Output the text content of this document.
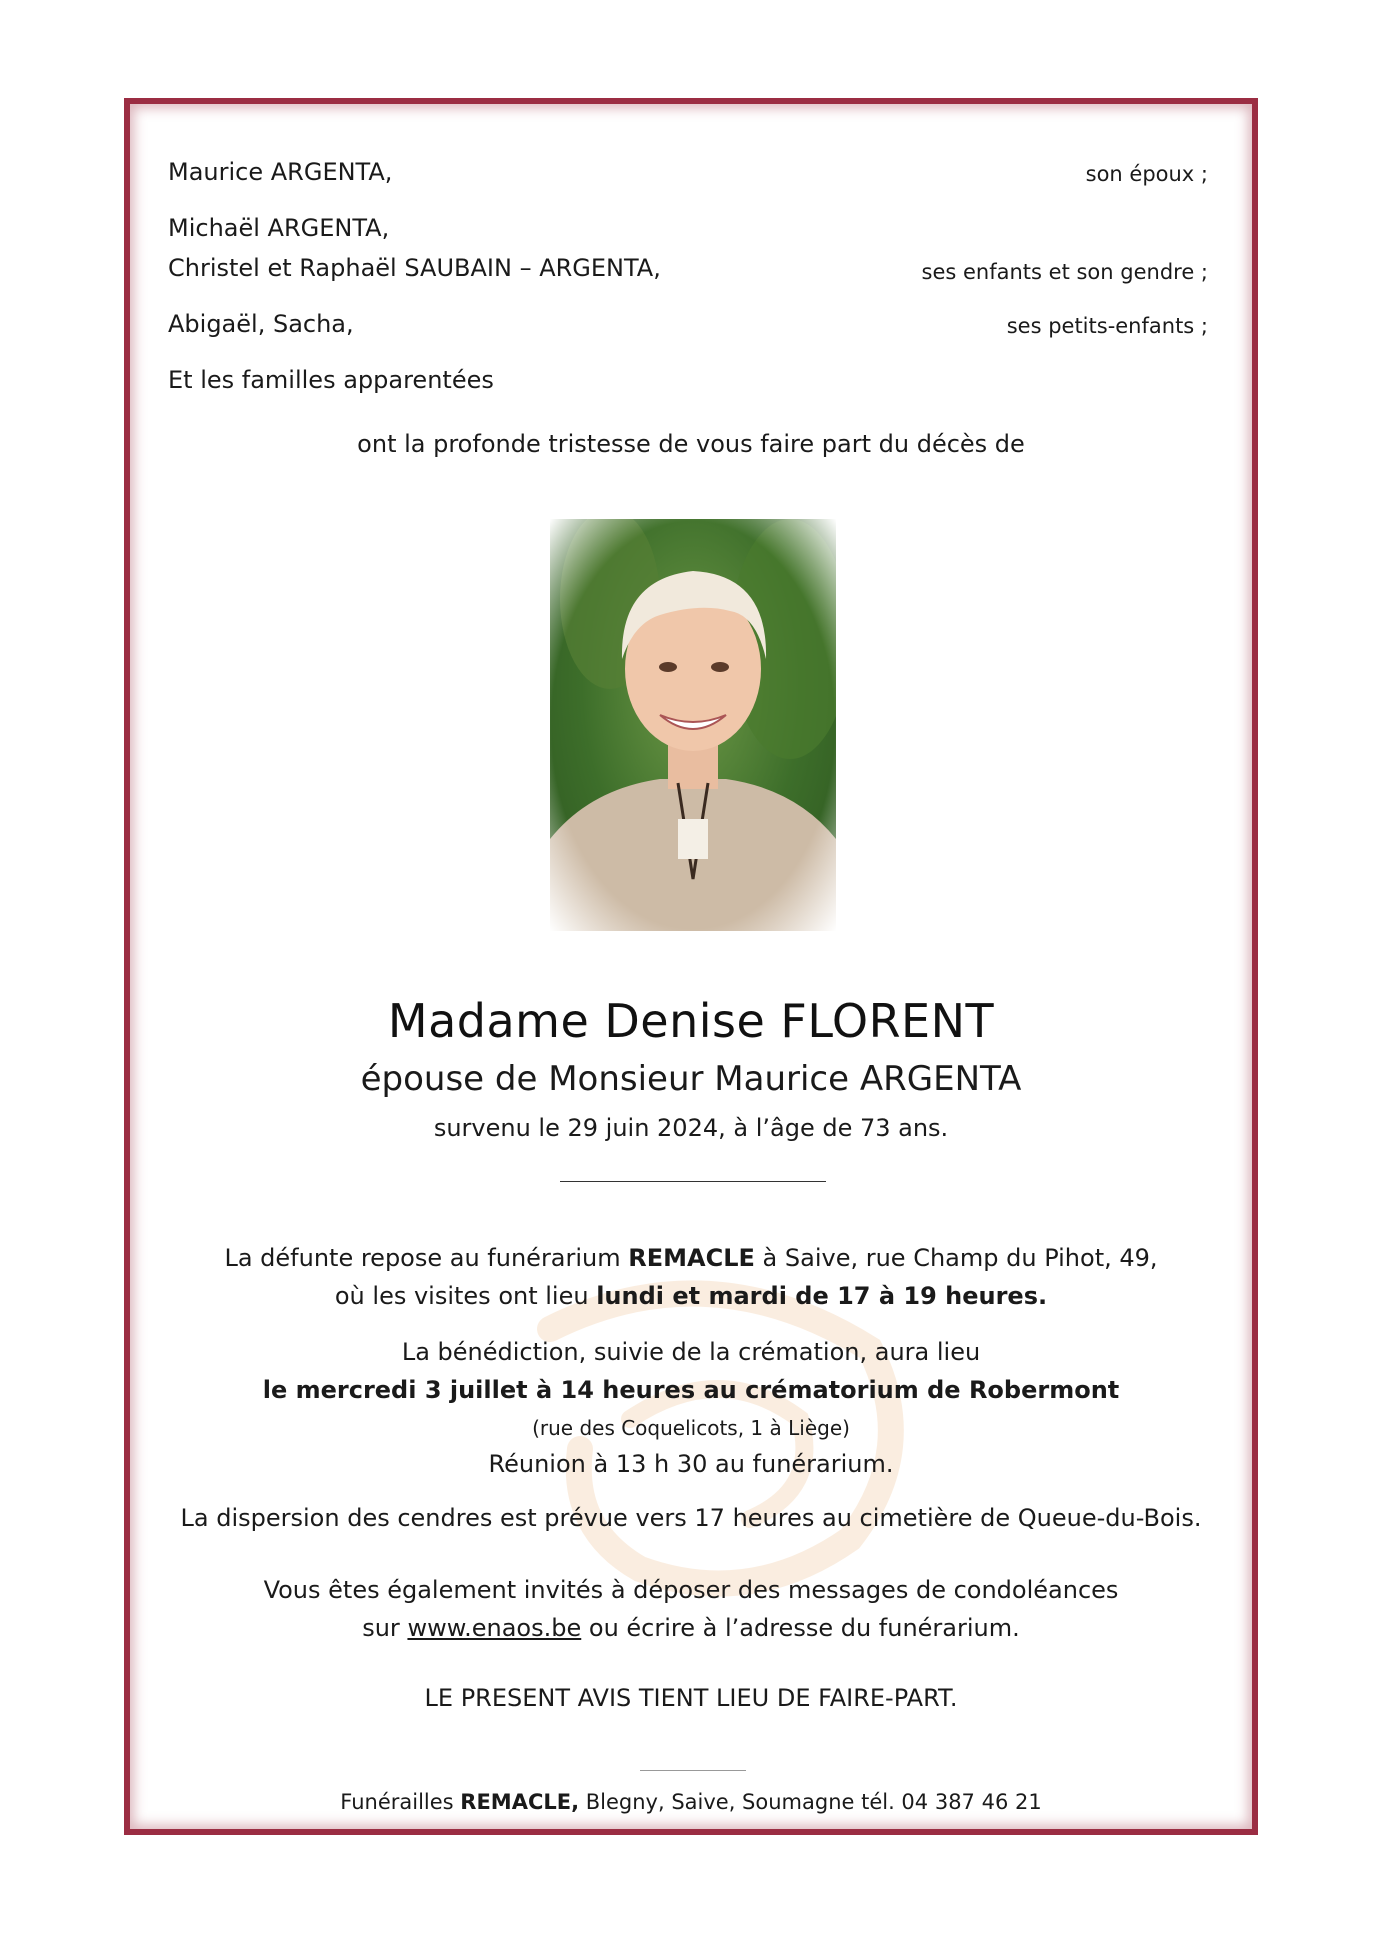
Maurice ARGENTA,	son époux ;
Michaël ARGENTA,
Christel et Raphaël SAUBAIN – ARGENTA,	ses enfants et son gendre ;
Abigaël, Sacha,	ses petits-enfants ;
Et les familles apparentées
ont la profonde tristesse de vous faire part du décès de
Madame Denise FLORENT
épouse de Monsieur Maurice ARGENTA
survenu le 29 juin 2024, à l’âge de 73 ans.
La défunte repose au funérarium REMACLE à Saive, rue Champ du Pihot, 49,
où les visites ont lieu lundi et mardi de 17 à 19 heures.
La bénédiction, suivie de la crémation, aura lieu
le mercredi 3 juillet à 14 heures au crématorium de Robermont
(rue des Coquelicots, 1 à Liège)
Réunion à 13 h 30 au funérarium.
La dispersion des cendres est prévue vers 17 heures au cimetière de Queue-du-Bois.
Vous êtes également invités à déposer des messages de condoléances
sur www.enaos.be ou écrire à l’adresse du funérarium.
LE PRESENT AVIS TIENT LIEU DE FAIRE-PART.
Funérailles REMACLE, Blegny, Saive, Soumagne tél. 04 387 46 21
